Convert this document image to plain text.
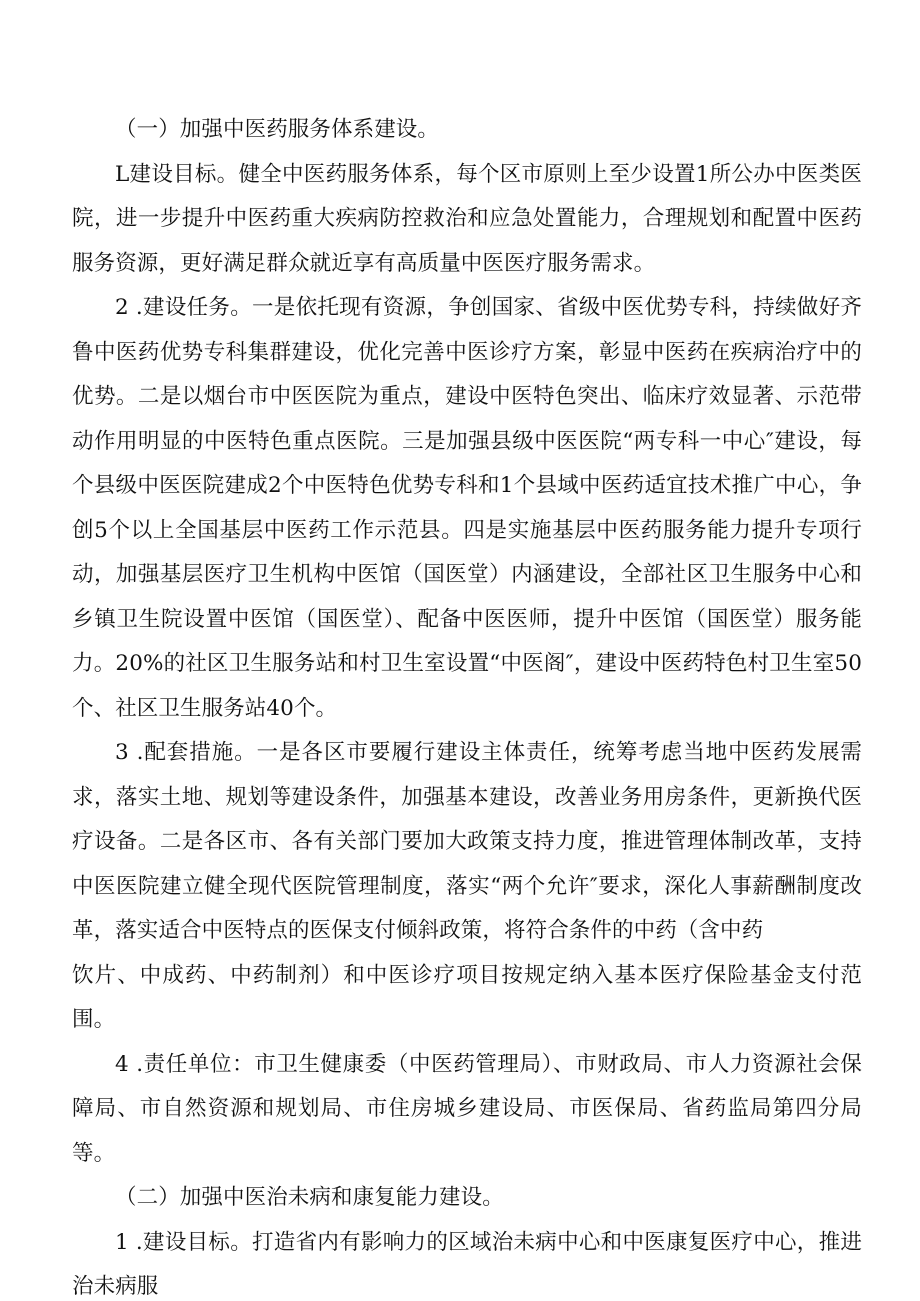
（一）加强中医药服务体系建设。

L建设目标。健全中医药服务体系，每个区市原则上至少设置1所公办中医类医院，进一步提升中医药重大疾病防控救治和应急处置能力，合理规划和配置中医药服务资源，更好满足群众就近享有高质量中医医疗服务需求。

2 .建设任务。一是依托现有资源，争创国家、省级中医优势专科，持续做好齐鲁中医药优势专科集群建设，优化完善中医诊疗方案，彰显中医药在疾病治疗中的优势。二是以烟台市中医医院为重点，建设中医特色突出、临床疗效显著、示范带动作用明显的中医特色重点医院。三是加强县级中医医院“两专科一中心″建设，每个县级中医医院建成2个中医特色优势专科和1个县域中医药适宜技术推广中心，争创5个以上全国基层中医药工作示范县。四是实施基层中医药服务能力提升专项行动，加强基层医疗卫生机构中医馆（国医堂）内涵建设，全部社区卫生服务中心和乡镇卫生院设置中医馆（国医堂）、配备中医医师，提升中医馆（国医堂）服务能力。20%的社区卫生服务站和村卫生室设置“中医阁″，建设中医药特色村卫生室50个、社区卫生服务站40个。

3 .配套措施。一是各区市要履行建设主体责任，统筹考虑当地中医药发展需求，落实土地、规划等建设条件，加强基本建设，改善业务用房条件，更新换代医疗设备。二是各区市、各有关部门要加大政策支持力度，推进管理体制改革，支持中医医院建立健全现代医院管理制度，落实“两个允许″要求，深化人事薪酬制度改革，落实适合中医特点的医保支付倾斜政策，将符合条件的中药（含中药

饮片、中成药、中药制剂）和中医诊疗项目按规定纳入基本医疗保险基金支付范围。

4 .责任单位：市卫生健康委（中医药管理局）、市财政局、市人力资源社会保障局、市自然资源和规划局、市住房城乡建设局、市医保局、省药监局第四分局等。

（二）加强中医治未病和康复能力建设。

1 .建设目标。打造省内有影响力的区域治未病中心和中医康复医疗中心，推进治未病服
